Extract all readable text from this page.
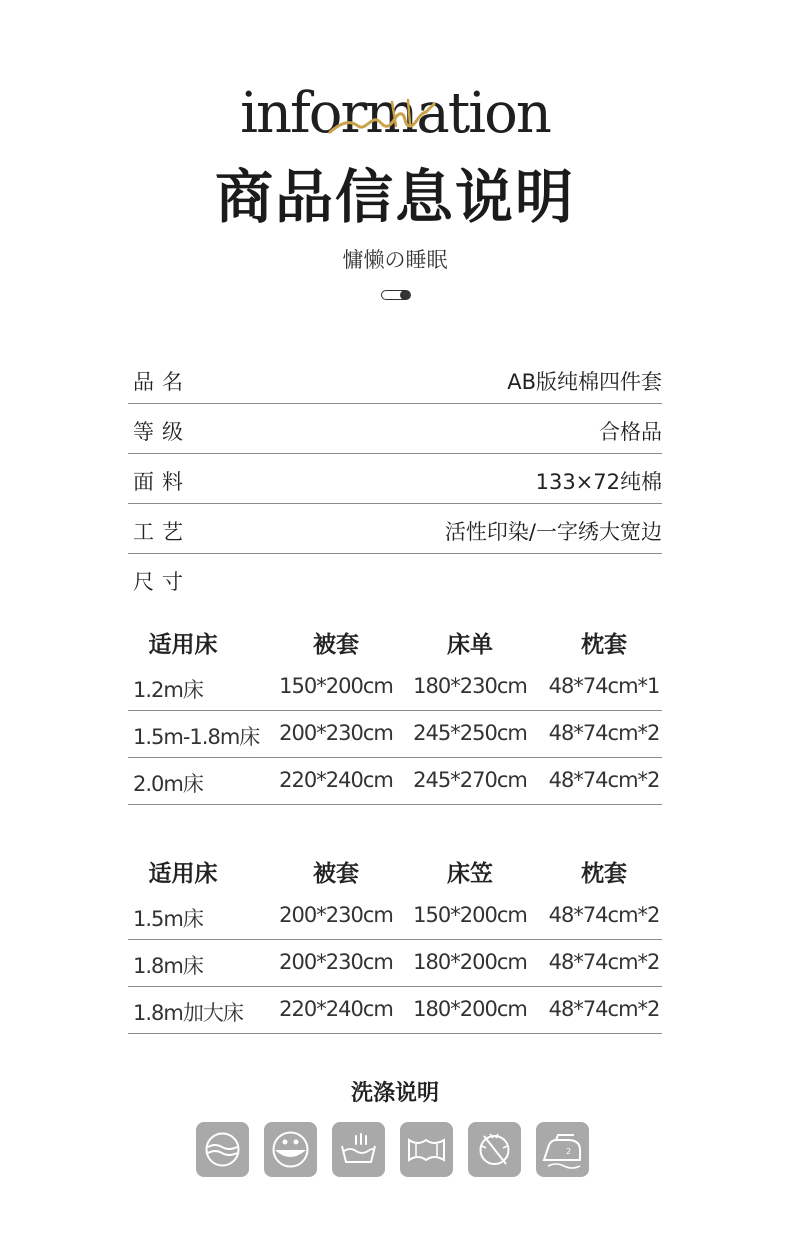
information
商品信息说明
慵懒の睡眠
品名	AB版纯棉四件套
等级	合格品
面料	133×72纯棉
工艺	活性印染/一字绣大宽边
尺寸
适用床	被套	床单	枕套
1.2m床	150*200cm 180*230cm 48*74cm*1
1.5m-1.8m床 200*230cm 245*250cm 48*74cm*2
2.0m床	220*240cm 245*270cm 48*74cm*2
适用床	被套	床笠	枕套
1.5m床	200*230cm 150*200cm 48*74cm*2
1.8m床	200*230cm 180*200cm 48*74cm*2
1.8m加大床 220*240cm 180*200cm 48*74cm*2
洗涤说明
2
